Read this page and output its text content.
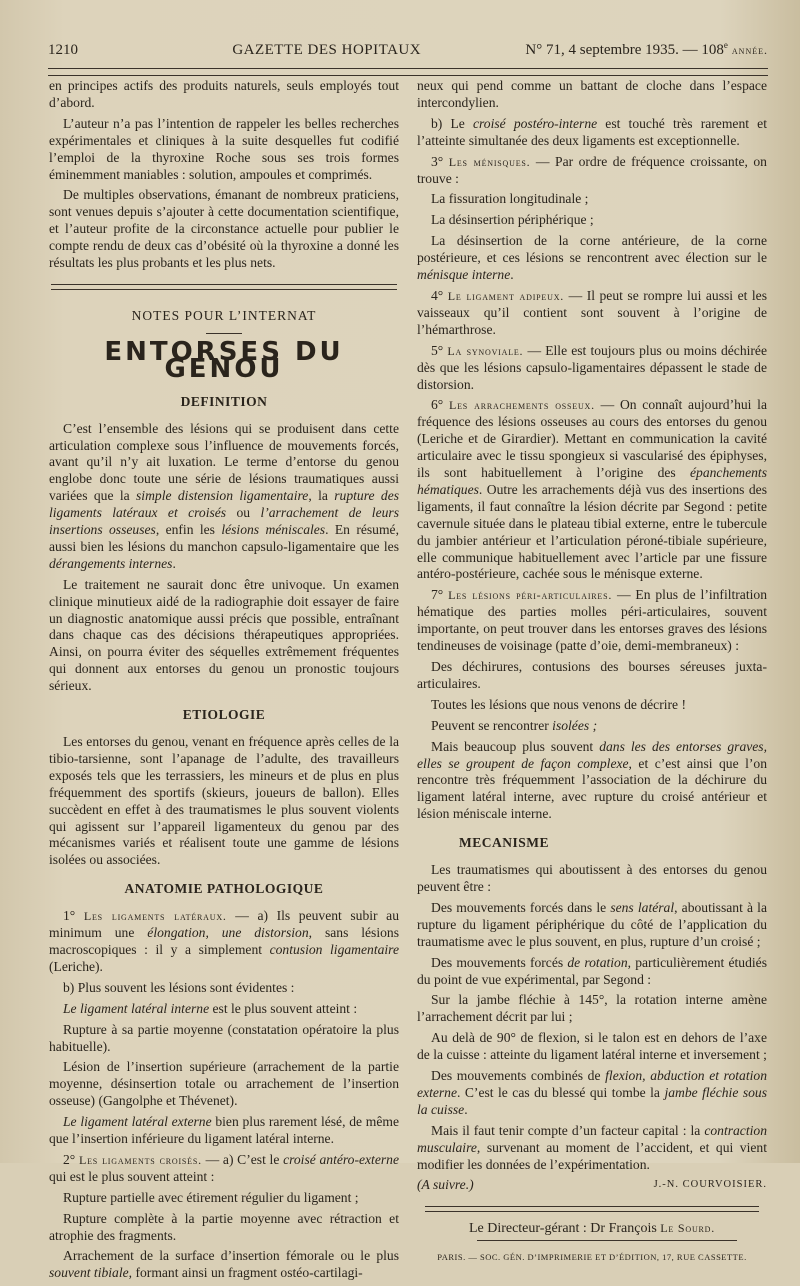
1210	GAZETTE DES HOPITAUX	N° 71, 4 septembre 1935. — 108e année.

en principes actifs des produits naturels, seuls employés tout d’abord.

L’auteur n’a pas l’intention de rappeler les belles recherches expérimentales et cliniques à la suite desquelles fut codifié l’emploi de la thyroxine Roche sous ses trois formes éminemment maniables : solution, ampoules et comprimés.

De multiples observations, émanant de nombreux praticiens, sont venues depuis s’ajouter à cette documentation scientifique, et l’auteur profite de la circonstance actuelle pour publier le compte rendu de deux cas d’obésité où la thyroxine a donné les résultats les plus probants et les plus nets.

NOTES POUR L’INTERNAT
ENTORSES DU GENOU
DEFINITION

C’est l’ensemble des lésions qui se produisent dans cette articulation complexe sous l’influence de mouvements forcés, avant qu’il n’y ait luxation. Le terme d’entorse du genou englobe donc toute une série de lésions traumatiques aussi variées que la simple distension ligamentaire, la rupture des ligaments latéraux et croisés ou l’arrachement de leurs insertions osseuses, enfin les lésions méniscales. En résumé, aussi bien les lésions du manchon capsulo-ligamentaire que les dérangements internes.

Le traitement ne saurait donc être univoque. Un examen clinique minutieux aidé de la radiographie doit essayer de faire un diagnostic anatomique aussi précis que possible, entraînant dans chaque cas des décisions thérapeutiques appropriées. Ainsi, on pourra éviter des séquelles extrêmement fréquentes qui donnent aux entorses du genou un pronostic toujours sérieux.

ETIOLOGIE

Les entorses du genou, venant en fréquence après celles de la tibio-tarsienne, sont l’apanage de l’adulte, des travailleurs exposés tels que les terrassiers, les mineurs et de plus en plus fréquemment des sportifs (skieurs, joueurs de ballon). Elles succèdent en effet à des traumatismes le plus souvent violents qui agissent sur l’appareil ligamenteux du genou par des mécanismes variés et réalisent toute une gamme de lésions isolées ou associées.

ANATOMIE PATHOLOGIQUE

1° Les ligaments latéraux. — a) Ils peuvent subir au minimum une élongation, une distorsion, sans lésions macroscopiques : il y a simplement contusion ligamentaire (Leriche).

b) Plus souvent les lésions sont évidentes :

Le ligament latéral interne est le plus souvent atteint :

Rupture à sa partie moyenne (constatation opératoire la plus habituelle).

Lésion de l’insertion supérieure (arrachement de la partie moyenne, désinsertion totale ou arrachement de l’insertion osseuse) (Gangolphe et Thévenet).

Le ligament latéral externe bien plus rarement lésé, de même que l’insertion inférieure du ligament latéral interne.

2° Les ligaments croisés. — a) C’est le croisé antéro-externe qui est le plus souvent atteint :

Rupture partielle avec étirement régulier du ligament ;

Rupture complète à la partie moyenne avec rétraction et atrophie des fragments.

Arrachement de la surface d’insertion fémorale ou le plus souvent tibiale, formant ainsi un fragment ostéo-cartilagi-

neux qui pend comme un battant de cloche dans l’espace intercondylien.

b) Le croisé postéro-interne est touché très rarement et l’atteinte simultanée des deux ligaments est exceptionnelle.

3° Les ménisques. — Par ordre de fréquence croissante, on trouve :

La fissuration longitudinale ;

La désinsertion périphérique ;

La désinsertion de la corne antérieure, de la corne postérieure, et ces lésions se rencontrent avec élection sur le ménisque interne.

4° Le ligament adipeux. — Il peut se rompre lui aussi et les vaisseaux qu’il contient sont souvent à l’origine de l’hémarthrose.

5° La synoviale. — Elle est toujours plus ou moins déchirée dès que les lésions capsulo-ligamentaires dépassent le stade de distorsion.

6° Les arrachements osseux. — On connaît aujourd’hui la fréquence des lésions osseuses au cours des entorses du genou (Leriche et de Girardier). Mettant en communication la cavité articulaire avec le tissu spongieux si vascularisé des épiphyses, ils sont habituellement à l’origine des épanchements hématiques. Outre les arrachements déjà vus des insertions des ligaments, il faut connaître la lésion décrite par Segond : petite cavernule située dans le plateau tibial externe, entre le tubercule du jambier antérieur et l’articulation péroné-tibiale supérieure, elle communique habituellement avec l’article par une fissure antéro-postérieure, cachée sous le ménisque externe.

7° Les lésions péri-articulaires. — En plus de l’infiltration hématique des parties molles péri-articulaires, souvent importante, on peut trouver dans les entorses graves des lésions tendineuses de voisinage (patte d’oie, demi-membraneux) :

Des déchirures, contusions des bourses séreuses juxta-articulaires.

Toutes les lésions que nous venons de décrire !

Peuvent se rencontrer isolées ;

Mais beaucoup plus souvent dans les des entorses graves, elles se groupent de façon complexe, et c’est ainsi que l’on rencontre très fréquemment l’association de la déchirure du ligament latéral interne, avec rupture du croisé antérieur et lésion méniscale interne.

MECANISME

Les traumatismes qui aboutissent à des entorses du genou peuvent être :

Des mouvements forcés dans le sens latéral, aboutissant à la rupture du ligament périphérique du côté de l’application du traumatisme avec le plus souvent, en plus, rupture d’un croisé ;

Des mouvements forcés de rotation, particulièrement étudiés du point de vue expérimental, par Segond :

Sur la jambe fléchie à 145°, la rotation interne amène l’arrachement décrit par lui ;

Au delà de 90° de flexion, si le talon est en dehors de l’axe de la cuisse : atteinte du ligament latéral interne et inversement ;

Des mouvements combinés de flexion, abduction et rotation externe. C’est le cas du blessé qui tombe la jambe fléchie sous la cuisse.

Mais il faut tenir compte d’un facteur capital : la contraction musculaire, survenant au moment de l’accident, et qui vient modifier les données de l’expérimentation.

(A suivre.)	J.-N. COURVOISIER.
Le Directeur-gérant : Dr François Le Sourd.
PARIS. — SOC. GÉN. D’IMPRIMERIE ET D’ÉDITION, 17, RUE CASSETTE.
